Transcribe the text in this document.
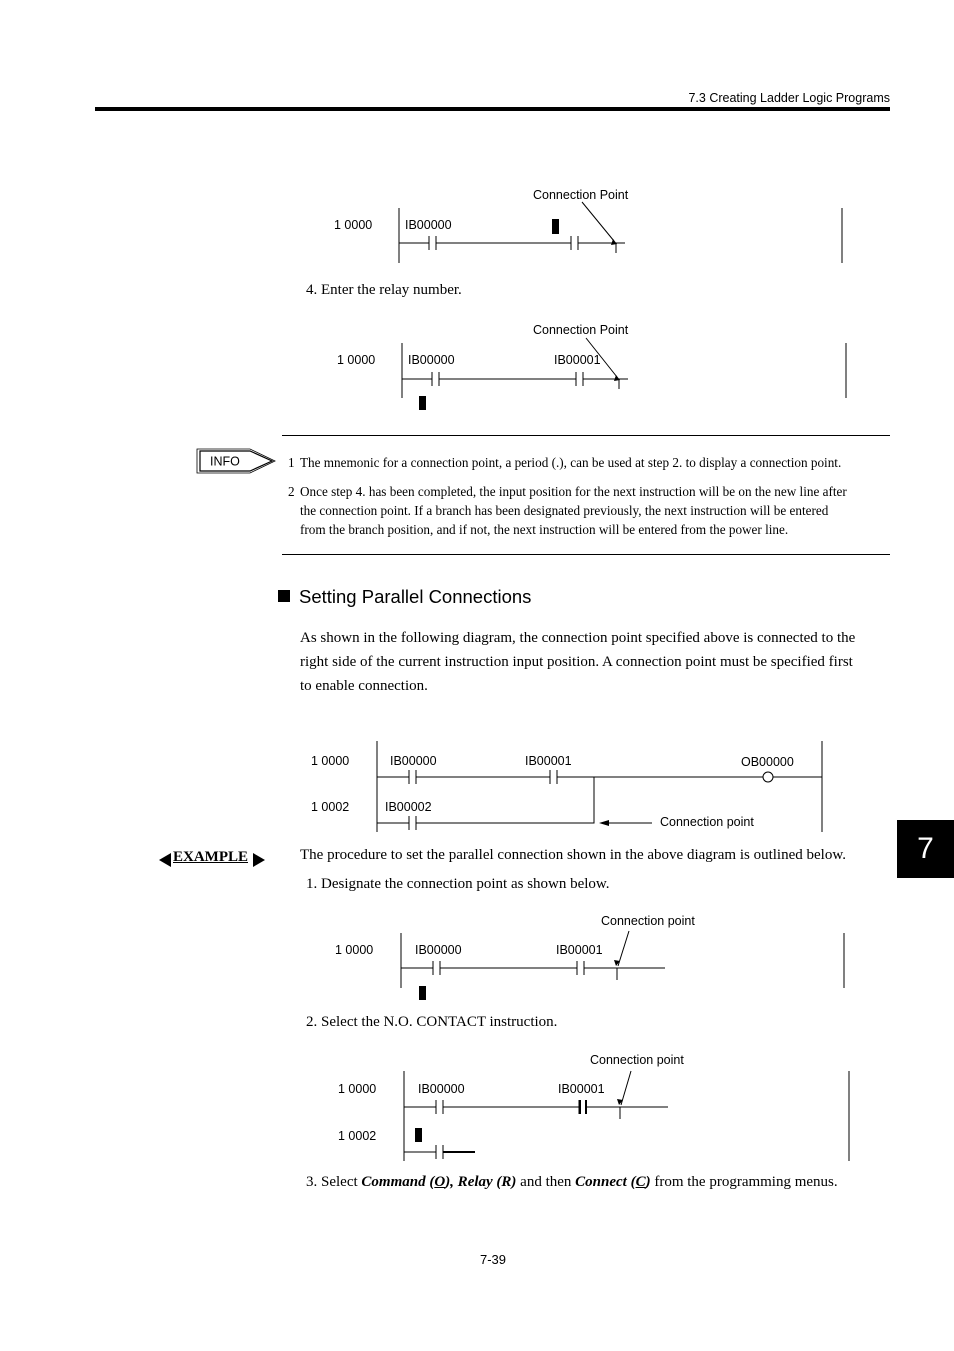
7.3 Creating Ladder Logic Programs
1 0000	IB00000
Connection Point
1 0000	IB00000	IB00001
Connection Point
1 0000
1 0002
IB00000	IB00001	OB00000
IB00002
Connection point
1 0000	IB00000	IB00001
Connection point
1 0000
1 0002
IB00000	IB00001
Connection point
INFO
4. Enter the relay number.
1 The mnemonic for a connection point, a period (.), can be used at step 2. to display a connection point.
2 Once step 4. has been completed, the input position for the next instruction will be on the new line after
the connection point. If a branch has been designated previously, the next instruction will be entered
from the branch position, and if not, the next instruction will be entered from the power line.
Setting Parallel Connections
As shown in the following diagram, the connection point specified above is connected to the
right side of the current instruction input position. A connection point must be specified first
to enable connection.
7
EXAMPLE	The procedure to set the parallel connection shown in the above diagram is outlined below.
1. Designate the connection point as shown below.
2. Select the N.O. CONTACT instruction.
3. Select Command (O), Relay (R) and then Connect (C) from the programming menus.
7-39
